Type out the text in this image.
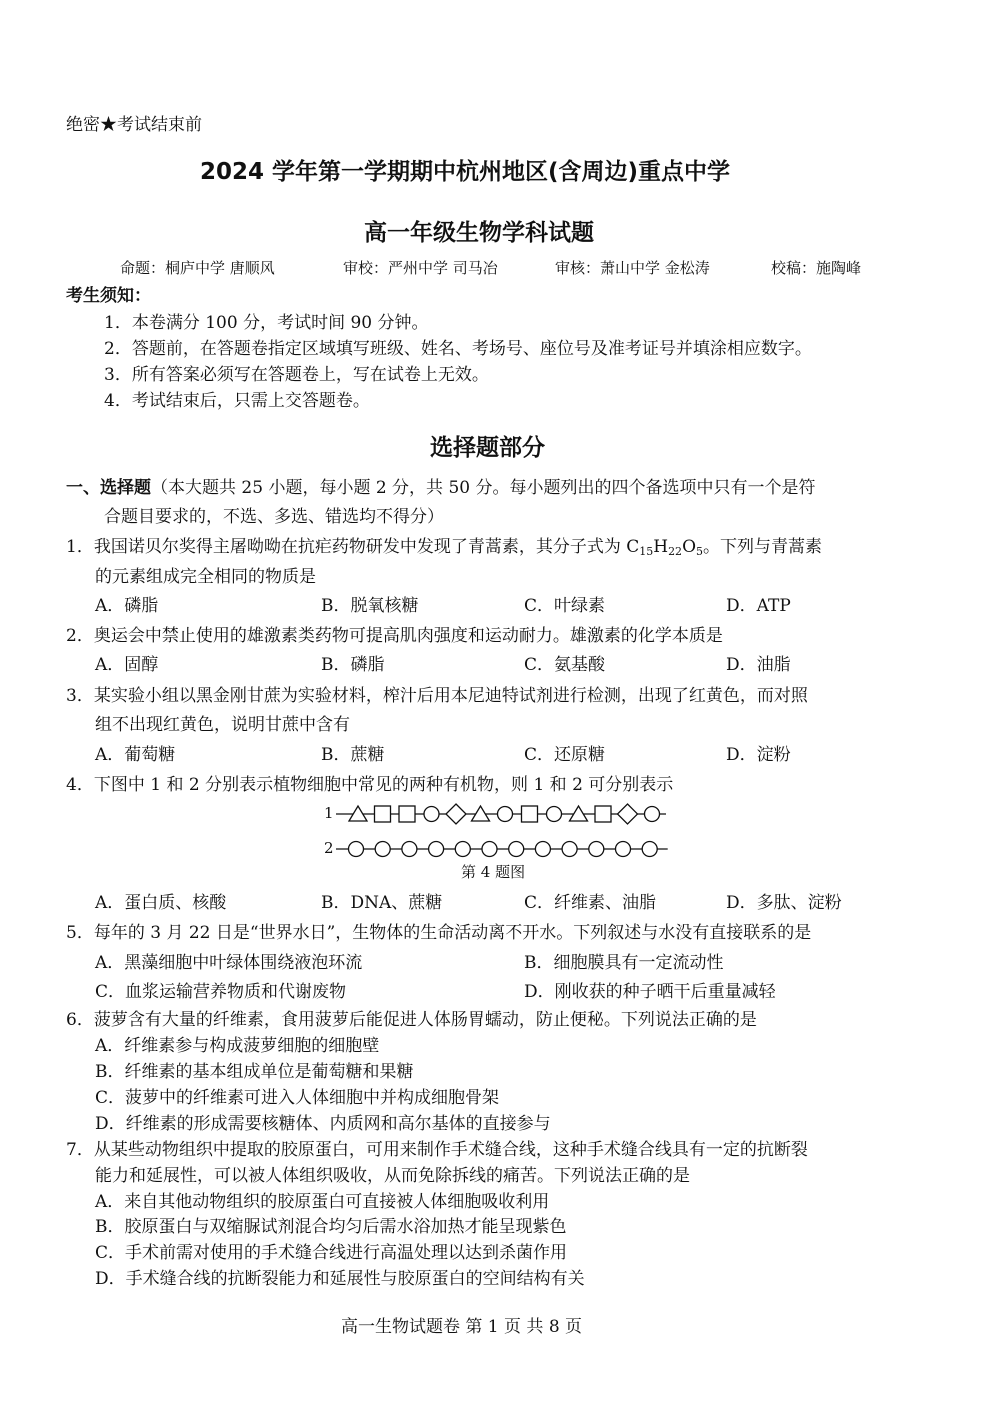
绝密★考试结束前
2024 学年第一学期期中杭州地区(含周边)重点中学
高一年级生物学科试题
命题：桐庐中学 唐顺风	审校：严州中学 司马冶	审核：萧山中学 金松涛	校稿：施陶峰
考生须知：
1．本卷满分 100 分，考试时间 90 分钟。
2．答题前，在答题卷指定区域填写班级、姓名、考场号、座位号及准考证号并填涂相应数字。
3．所有答案必须写在答题卷上，写在试卷上无效。
4．考试结束后，只需上交答题卷。
选择题部分
一、选择题（本大题共 25 小题，每小题 2 分，共 50 分。每小题列出的四个备选项中只有一个是符
合题目要求的，不选、多选、错选均不得分）
1．我国诺贝尔奖得主屠呦呦在抗疟药物研发中发现了青蒿素，其分子式为 $C_{15}H_{22}O_5$。下列与青蒿素
的元素组成完全相同的物质是
A．磷脂	B．脱氧核糖	C．叶绿素	D．ATP
2．奥运会中禁止使用的雄激素类药物可提高肌肉强度和运动耐力。雄激素的化学本质是
A．固醇	B．磷脂	C．氨基酸	D．油脂
3．某实验小组以黑金刚甘蔗为实验材料，榨汁后用本尼迪特试剂进行检测，出现了红黄色，而对照
组不出现红黄色，说明甘蔗中含有
A．葡萄糖	B．蔗糖	C．还原糖	D．淀粉
4．下图中 1 和 2 分别表示植物细胞中常见的两种有机物，则 1 和 2 可分别表示
1
2
第 4 题图
A．蛋白质、核酸	B．DNA、蔗糖	C．纤维素、油脂	D．多肽、淀粉
5．每年的 3 月 22 日是“世界水日”，生物体的生命活动离不开水。下列叙述与水没有直接联系的是
A．黑藻细胞中叶绿体围绕液泡环流	B．细胞膜具有一定流动性
C．血浆运输营养物质和代谢废物	D．刚收获的种子晒干后重量减轻
6．菠萝含有大量的纤维素，食用菠萝后能促进人体肠胃蠕动，防止便秘。下列说法正确的是
A．纤维素参与构成菠萝细胞的细胞壁
B．纤维素的基本组成单位是葡萄糖和果糖
C．菠萝中的纤维素可进入人体细胞中并构成细胞骨架
D．纤维素的形成需要核糖体、内质网和高尔基体的直接参与
7．从某些动物组织中提取的胶原蛋白，可用来制作手术缝合线，这种手术缝合线具有一定的抗断裂
能力和延展性，可以被人体组织吸收，从而免除拆线的痛苦。下列说法正确的是
A．来自其他动物组织的胶原蛋白可直接被人体细胞吸收利用
B．胶原蛋白与双缩脲试剂混合均匀后需水浴加热才能呈现紫色
C．手术前需对使用的手术缝合线进行高温处理以达到杀菌作用
D．手术缝合线的抗断裂能力和延展性与胶原蛋白的空间结构有关
高一生物试题卷 第 1 页 共 8 页
